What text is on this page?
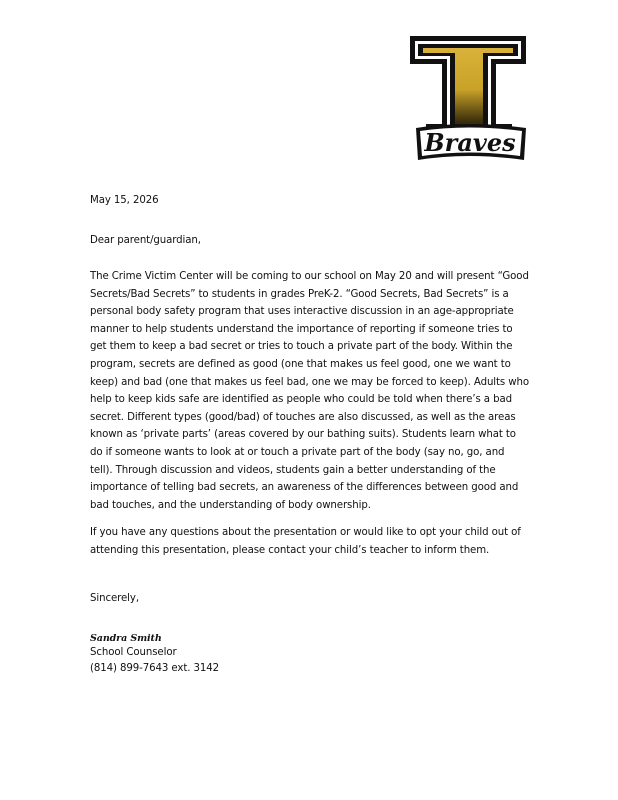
Braves

May 15, 2026

Dear parent/guardian,

The Crime Victim Center will be coming to our school on May 20 and will present “Good Secrets/Bad Secrets” to students in grades PreK-2. “Good Secrets, Bad Secrets” is a personal body safety program that uses interactive discussion in an age-appropriate manner to help students understand the importance of reporting if someone tries to get them to keep a bad secret or tries to touch a private part of the body. Within the program, secrets are defined as good (one that makes us feel good, one we want to keep) and bad (one that makes us feel bad, one we may be forced to keep). Adults who help to keep kids safe are identified as people who could be told when there’s a bad secret. Different types (good/bad) of touches are also discussed, as well as the areas known as ‘private parts’ (areas covered by our bathing suits). Students learn what to do if someone wants to look at or touch a private part of the body (say no, go, and tell). Through discussion and videos, students gain a better understanding of the importance of telling bad secrets, an awareness of the differences between good and bad touches, and the understanding of body ownership.

If you have any questions about the presentation or would like to opt your child out of attending this presentation, please contact your child’s teacher to inform them.

Sincerely,

Sandra Smith
School Counselor
(814) 899-7643 ext. 3142
